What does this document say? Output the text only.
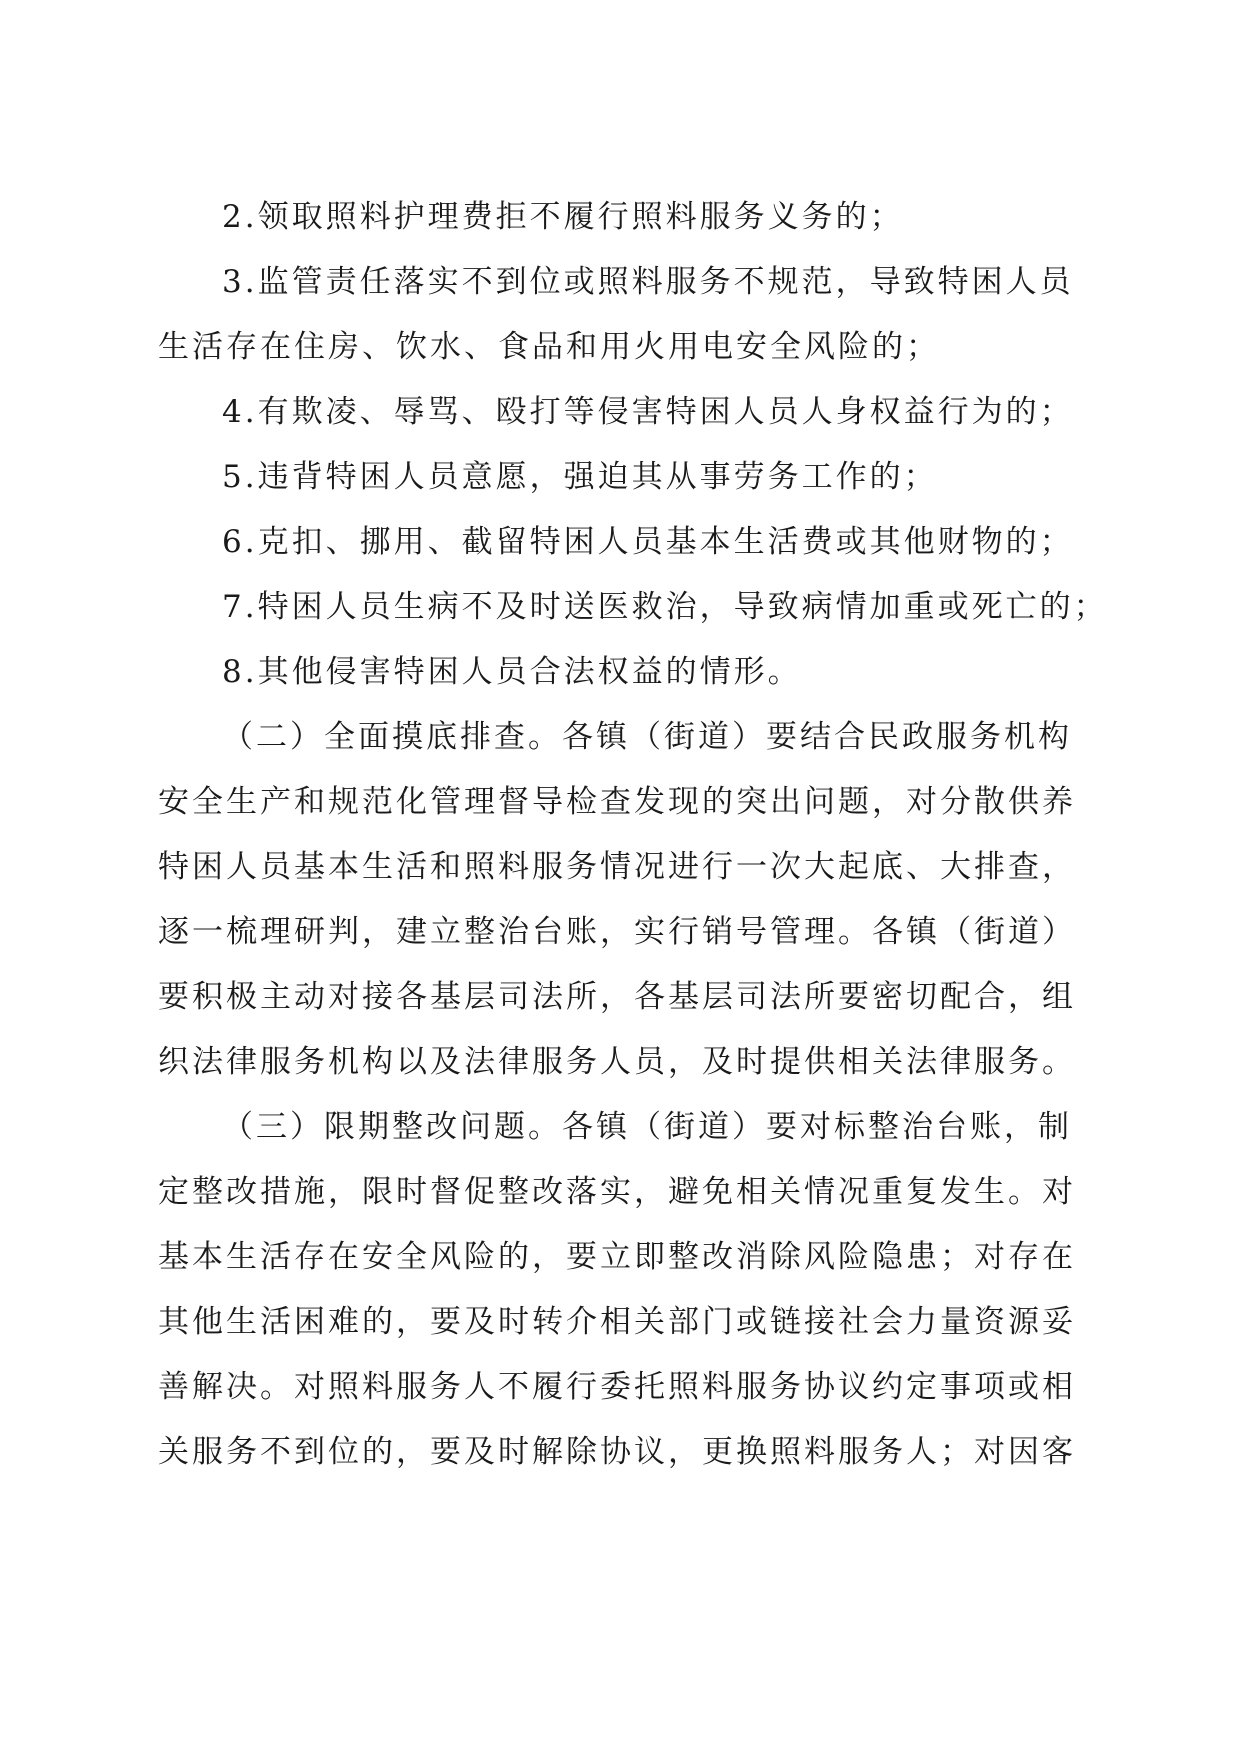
2.领取照料护理费拒不履行照料服务义务的；
3.监管责任落实不到位或照料服务不规范，导致特困人员
生活存在住房、饮水、食品和用火用电安全风险的；
4.有欺凌、辱骂、殴打等侵害特困人员人身权益行为的；
5.违背特困人员意愿，强迫其从事劳务工作的；
6.克扣、挪用、截留特困人员基本生活费或其他财物的；
7.特困人员生病不及时送医救治，导致病情加重或死亡的；
8.其他侵害特困人员合法权益的情形。
（二）全面摸底排查。各镇（街道）要结合民政服务机构
安全生产和规范化管理督导检查发现的突出问题，对分散供养
特困人员基本生活和照料服务情况进行一次大起底、大排查，
逐一梳理研判，建立整治台账，实行销号管理。各镇（街道）
要积极主动对接各基层司法所，各基层司法所要密切配合，组
织法律服务机构以及法律服务人员，及时提供相关法律服务。
（三）限期整改问题。各镇（街道）要对标整治台账，制
定整改措施，限时督促整改落实，避免相关情况重复发生。对
基本生活存在安全风险的，要立即整改消除风险隐患；对存在
其他生活困难的，要及时转介相关部门或链接社会力量资源妥
善解决。对照料服务人不履行委托照料服务协议约定事项或相
关服务不到位的，要及时解除协议，更换照料服务人；对因客
